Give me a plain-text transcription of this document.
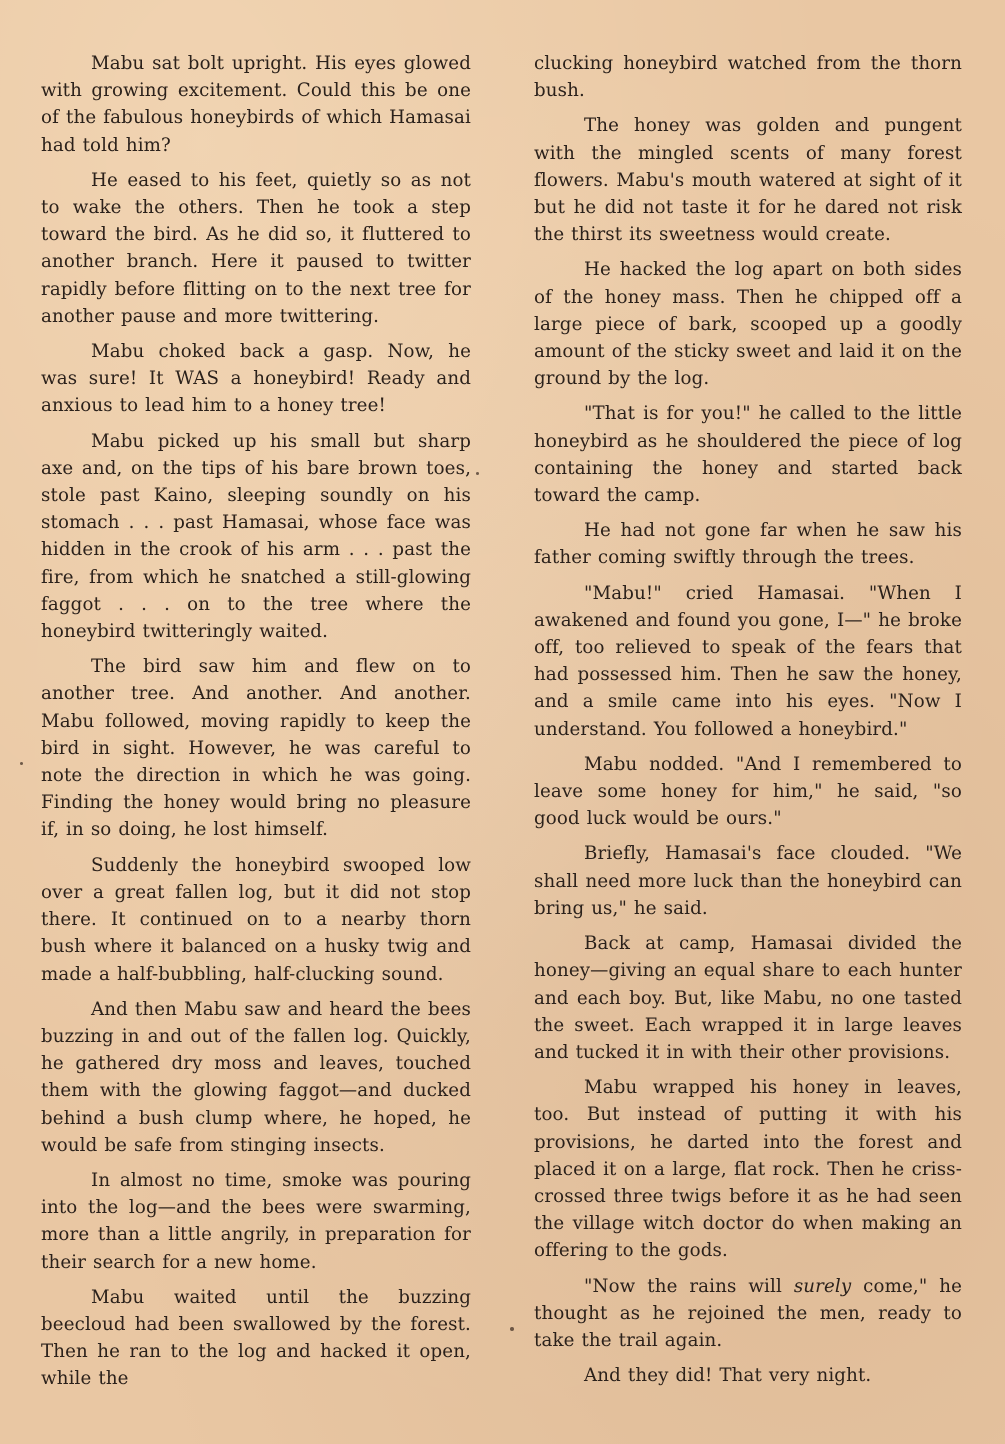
Mabu sat bolt upright. His eyes glowed with growing excitement. Could this be one of the fabulous honeybirds of which Hamasai had told him?

He eased to his feet, quietly so as not to wake the others. Then he took a step toward the bird. As he did so, it fluttered to another branch. Here it paused to twitter rapidly before flitting on to the next tree for another pause and more twittering.

Mabu choked back a gasp. Now, he was sure! It WAS a honeybird! Ready and anxious to lead him to a honey tree!

Mabu picked up his small but sharp axe and, on the tips of his bare brown toes, stole past Kaino, sleeping soundly on his stomach . . . past Hamasai, whose face was hidden in the crook of his arm . . . past the fire, from which he snatched a still-glowing faggot . . . on to the tree where the honeybird twitteringly waited.

The bird saw him and flew on to another tree. And another. And another. Mabu followed, moving rapidly to keep the bird in sight. However, he was careful to note the direction in which he was going. Finding the honey would bring no pleasure if, in so doing, he lost himself.

Suddenly the honeybird swooped low over a great fallen log, but it did not stop there. It continued on to a nearby thorn bush where it balanced on a husky twig and made a half-bubbling, half-clucking sound.

And then Mabu saw and heard the bees buzzing in and out of the fallen log. Quickly, he gathered dry moss and leaves, touched them with the glowing faggot—and ducked behind a bush clump where, he hoped, he would be safe from stinging insects.

In almost no time, smoke was pouring into the log—and the bees were swarming, more than a little angrily, in preparation for their search for a new home.

Mabu waited until the buzzing beecloud had been swallowed by the forest. Then he ran to the log and hacked it open, while the

clucking honeybird watched from the thorn bush.

The honey was golden and pungent with the mingled scents of many forest flowers. Mabu's mouth watered at sight of it but he did not taste it for he dared not risk the thirst its sweetness would create.

He hacked the log apart on both sides of the honey mass. Then he chipped off a large piece of bark, scooped up a goodly amount of the sticky sweet and laid it on the ground by the log.

"That is for you!" he called to the little honeybird as he shouldered the piece of log containing the honey and started back toward the camp.

He had not gone far when he saw his father coming swiftly through the trees.

"Mabu!" cried Hamasai. "When I awakened and found you gone, I—" he broke off, too relieved to speak of the fears that had possessed him. Then he saw the honey, and a smile came into his eyes. "Now I understand. You followed a honeybird."

Mabu nodded. "And I remembered to leave some honey for him," he said, "so good luck would be ours."

Briefly, Hamasai's face clouded. "We shall need more luck than the honeybird can bring us," he said.

Back at camp, Hamasai divided the honey—giving an equal share to each hunter and each boy. But, like Mabu, no one tasted the sweet. Each wrapped it in large leaves and tucked it in with their other provisions.

Mabu wrapped his honey in leaves, too. But instead of putting it with his provisions, he darted into the forest and placed it on a large, flat rock. Then he criss-crossed three twigs before it as he had seen the village witch doctor do when making an offering to the gods.

"Now the rains will surely come," he thought as he rejoined the men, ready to take the trail again.

And they did! That very night.
